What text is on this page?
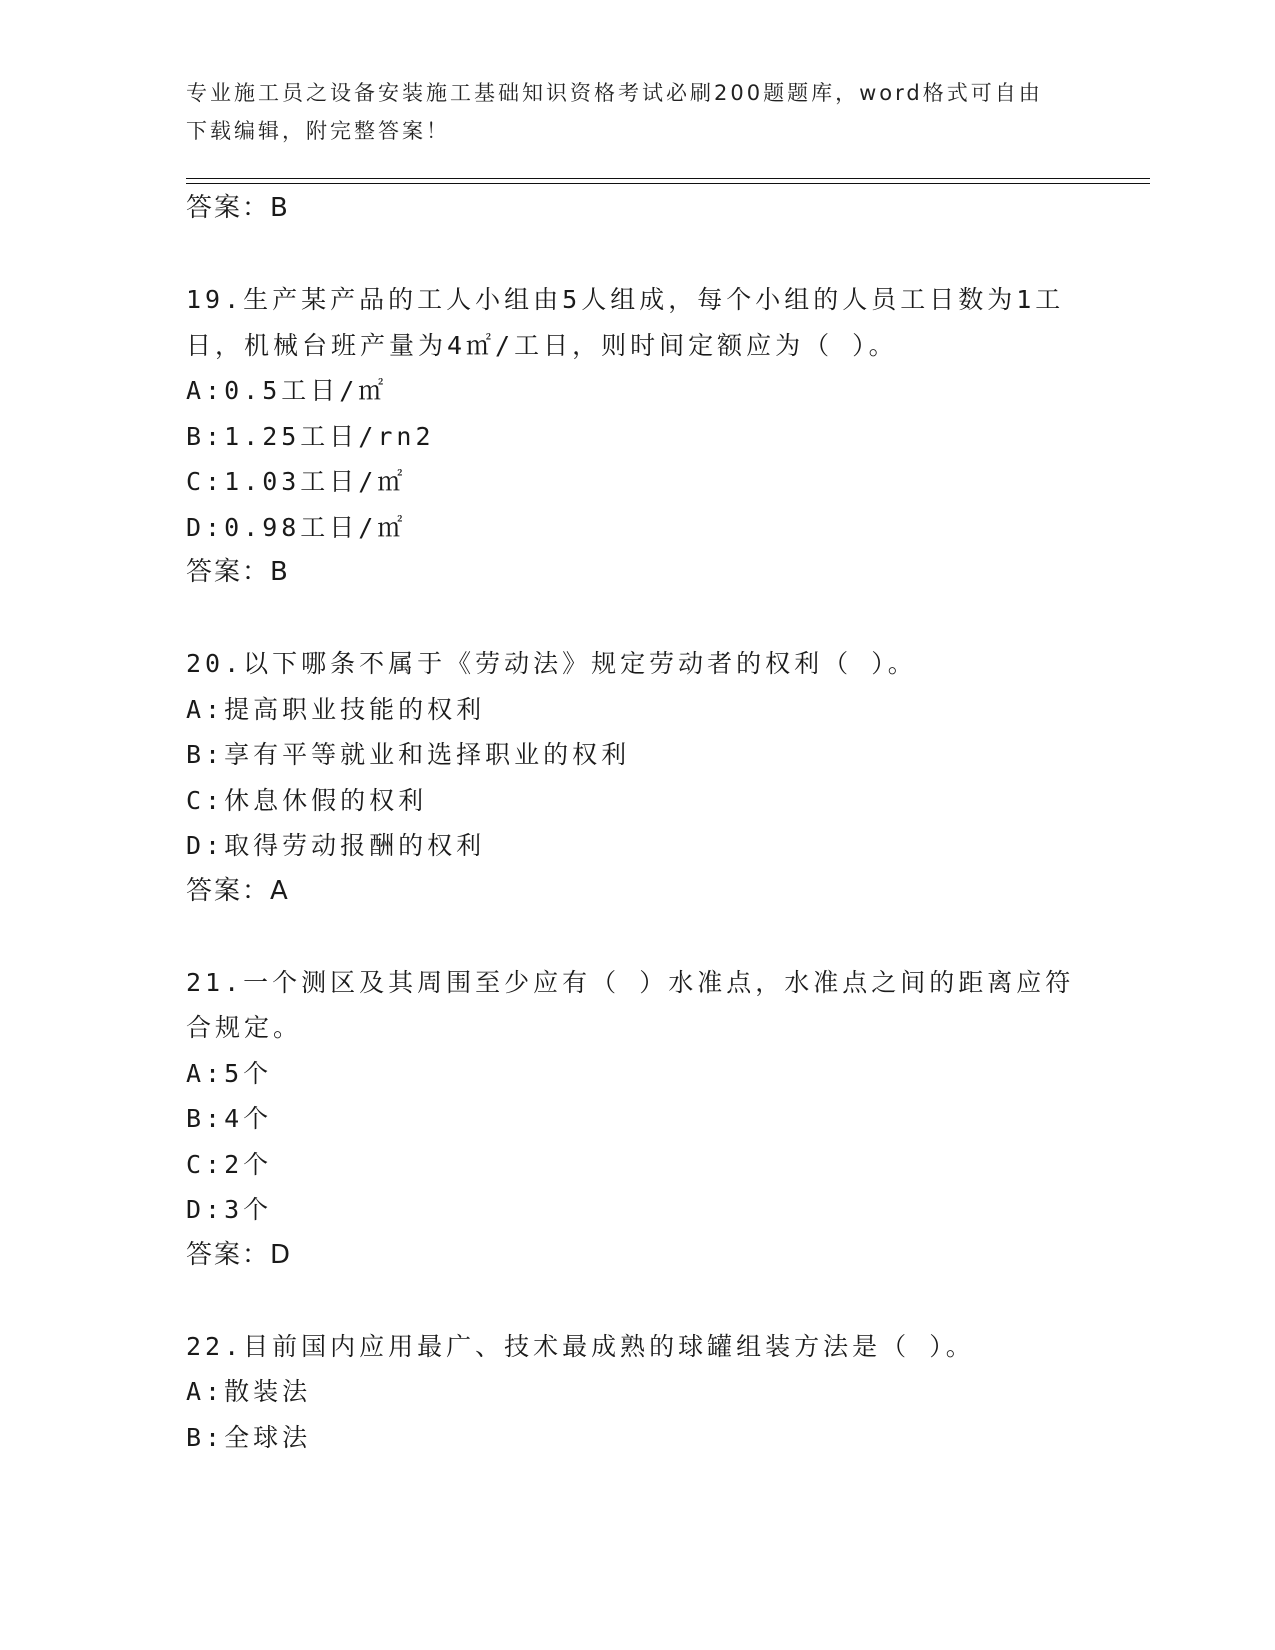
专业施工员之设备安装施工基础知识资格考试必刷200题题库，word格式可自由
下载编辑，附完整答案！
答案：B
19.生产某产品的工人小组由5人组成，每个小组的人员工日数为1工
日，机械台班产量为4㎡/工日，则时间定额应为（ ）。
A:0.5工日/㎡
B:1.25工日/rn2
C:1.03工日/㎡
D:0.98工日/㎡
答案：B
20.以下哪条不属于《劳动法》规定劳动者的权利（ ）。
A:提高职业技能的权利
B:享有平等就业和选择职业的权利
C:休息休假的权利
D:取得劳动报酬的权利
答案：A
21.一个测区及其周围至少应有（ ）水准点，水准点之间的距离应符
合规定。
A:5个
B:4个
C:2个
D:3个
答案：D
22.目前国内应用最广、技术最成熟的球罐组装方法是（ ）。
A:散装法
B:全球法
